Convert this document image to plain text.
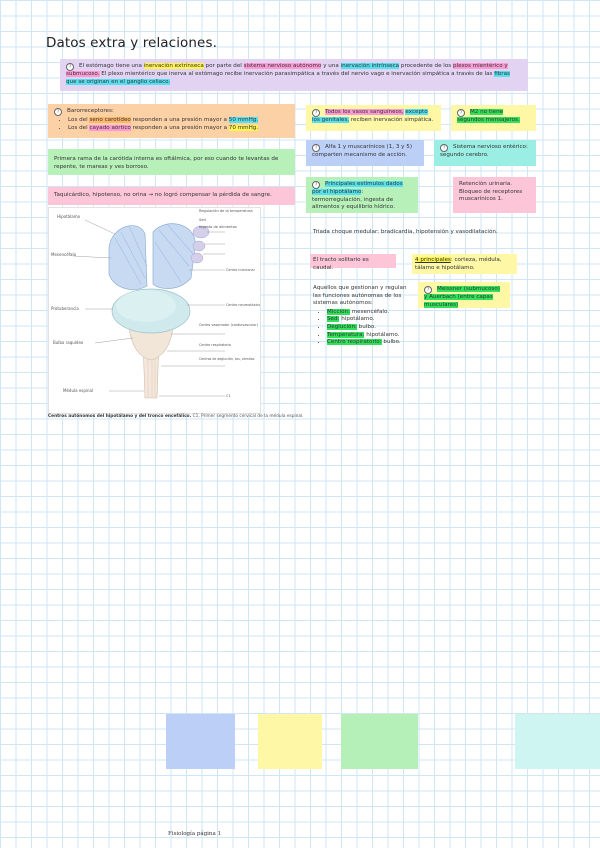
Datos extra y relaciones.
? El estómago tiene una inervación extrínseca por parte del sistema nervioso autónomo y una inervación intrínseca procedente de los plexos mientérico y submucoso. El plexo mientérico que inerva al estómago recibe inervación parasimpática a través del nervio vago e inervación simpática a través de las fibras que se originan en el ganglio celiaco.
? Barorreceptores:
• Los del seno carotídeo responden a una presión mayor a 50 mmHg.
• Los del cayado aórtico responden a una presión mayor a 70 mmHg.
Primera rama de la carótida interna es oftálmica, por eso cuando te levantas de repente, te mareas y ves borroso.
Taquicárdico, hipotenso, no orina → no logró compensar la pérdida de sangre.
Hipotálamo
Mesencéfalo
Protuberancia
Bulbo raquídeo
Médula espinal
Regulación de la temperatura
Sed
Ingesta de alimentos
Centro miccional
Centro neumotáxico
Centro vasomotor (cardiovascular)
Centro respiratorio
Centros de deglución, tos, vómitos
C1
Centros autónomos del hipotálamo y del tronco encefálico. C1, Primer segmento cervical de la médula espinal.
? Todos los vasos sanguíneos, excepto los genitales, reciben inervación simpática.
? M2 no tiene segundos mensajeros.
? Alfa 1 y muscarínicos (1, 3 y 5) comparten mecanismo de acción.
? Sistema nervioso entérico: segundo cerebro.
? Principales estímulos dados por el hipotálamo: termorregulación, ingesta de alimentos y equilibrio hídrico.
Retención urinaria. Bloqueo de receptores muscarínicos 1.
Triada choque medular: bradicardia, hipotensión y vasodilatación.
El tracto solitario es caudal.
4 principales: corteza, médula, tálamo e hipotálamo.
Aquellos que gestionan y regulan las funciones autónomas de los sistemas autónomos:
• Micción: mesencéfalo.
• Sed: hipotálamo.
• Deglución: bulbo.
• Temperatura: hipotálamo.
• Centro respiratorio: bulbo.
? Meissner (submucoso) y Auerbach (entre capas musculares)
Fisiología página 1
